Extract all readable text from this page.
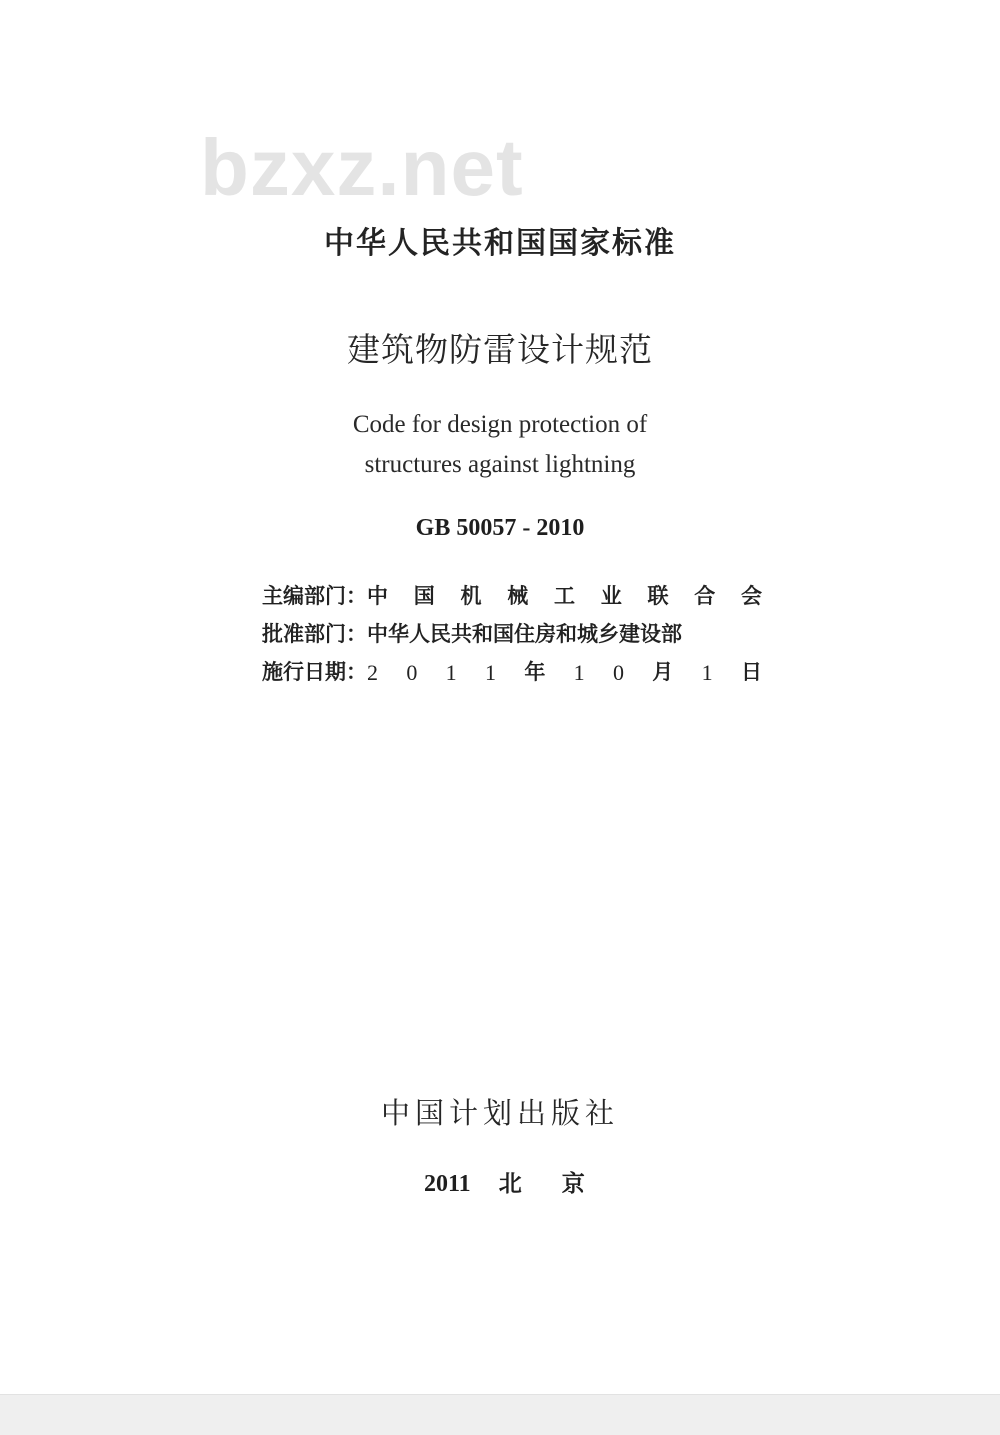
bzxz.net
中华人民共和国国家标准
建筑物防雷设计规范
Code for design protection of
structures against lightning
GB 50057 - 2010
主编部门： 中 国 机 械 工 业 联 合 会
批准部门： 中华人民共和国住房和城乡建设部
施行日期： 2 0 1 1 年 1 0 月 1 日
中国计划出版社
2011 北京
